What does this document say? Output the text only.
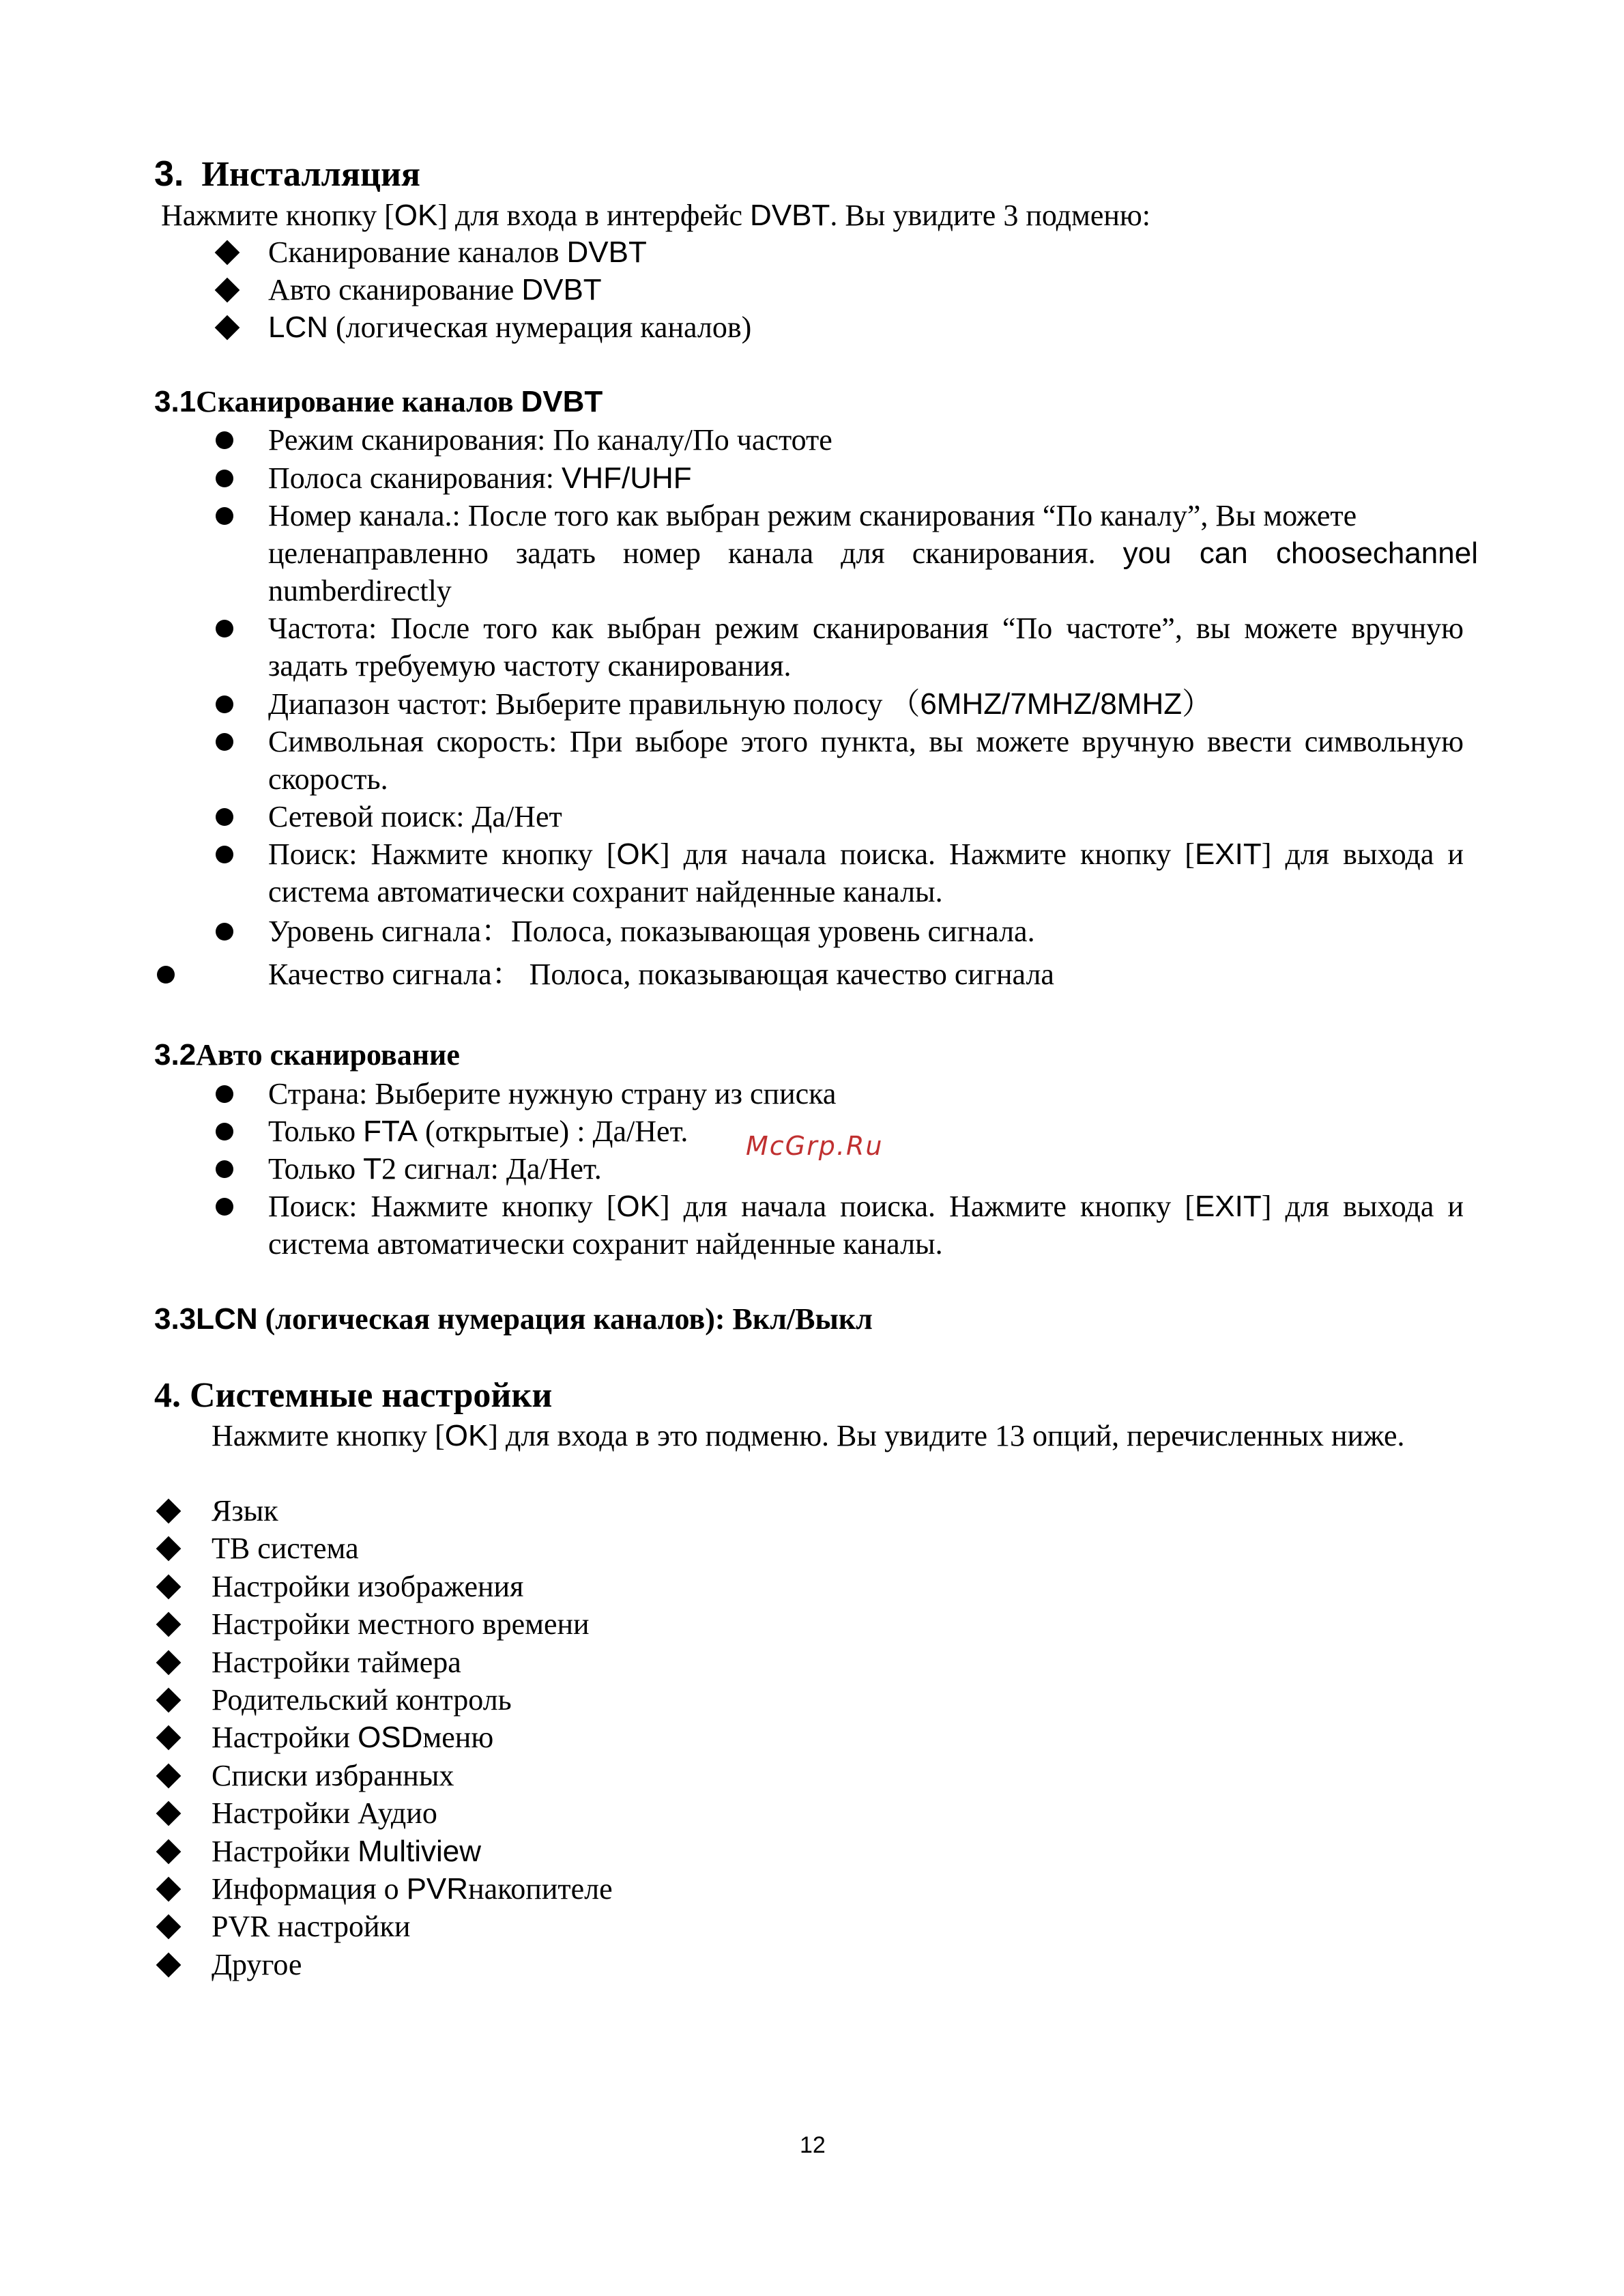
3. Инсталляция
Нажмите кнопку [OK] для входа в интерфейс DVBT. Вы увидите 3 подменю:
Сканирование каналов DVBT
Авто сканирование DVBT
LCN (логическая нумерация каналов)
3.1Сканирование каналов DVBT
Режим сканирования: По каналу/По частоте
Полоса сканирования: VHF/UHF
Номер канала.: После того как выбран режим сканирования “По каналу”, Вы можете
целенаправленно задать номер канала для сканирования. you can choosechannel
numberdirectly
Частота: После того как выбран режим сканирования “По частоте”, вы можете вручную задать требуемую частоту сканирования.
Диапазон частот: Выберите правильную полосу （6MHZ/7MHZ/8MHZ）
Символьная скорость: При выборе этого пункта, вы можете вручную ввести символьную скорость.
Сетевой поиск: Да/Нет
Поиск: Нажмите кнопку [OK] для начала поиска. Нажмите кнопку [EXIT] для выхода и система автоматически сохранит найденные каналы.
Уровень сигнала：Полоса, показывающая уровень сигнала.
Качество сигнала： Полоса, показывающая качество сигнала
3.2Авто сканирование
Страна: Выберите нужную страну из списка
Только FTA (открытые) : Да/Нет. McGrp.Ru
Только T2 сигнал: Да/Нет.
Поиск: Нажмите кнопку [OK] для начала поиска. Нажмите кнопку [EXIT] для выхода и система автоматически сохранит найденные каналы.
3.3LCN (логическая нумерация каналов): Вкл/Выкл
4. Системные настройки
Нажмите кнопку [OK] для входа в это подменю. Вы увидите 13 опций, перечисленных ниже.
Язык
ТВ система
Настройки изображения
Настройки местного времени
Настройки таймера
Родительский контроль
Настройки OSDменю
Списки избранных
Настройки Аудио
Настройки Multiview
Информация о PVRнакопителе
PVR настройки
Другое
12
